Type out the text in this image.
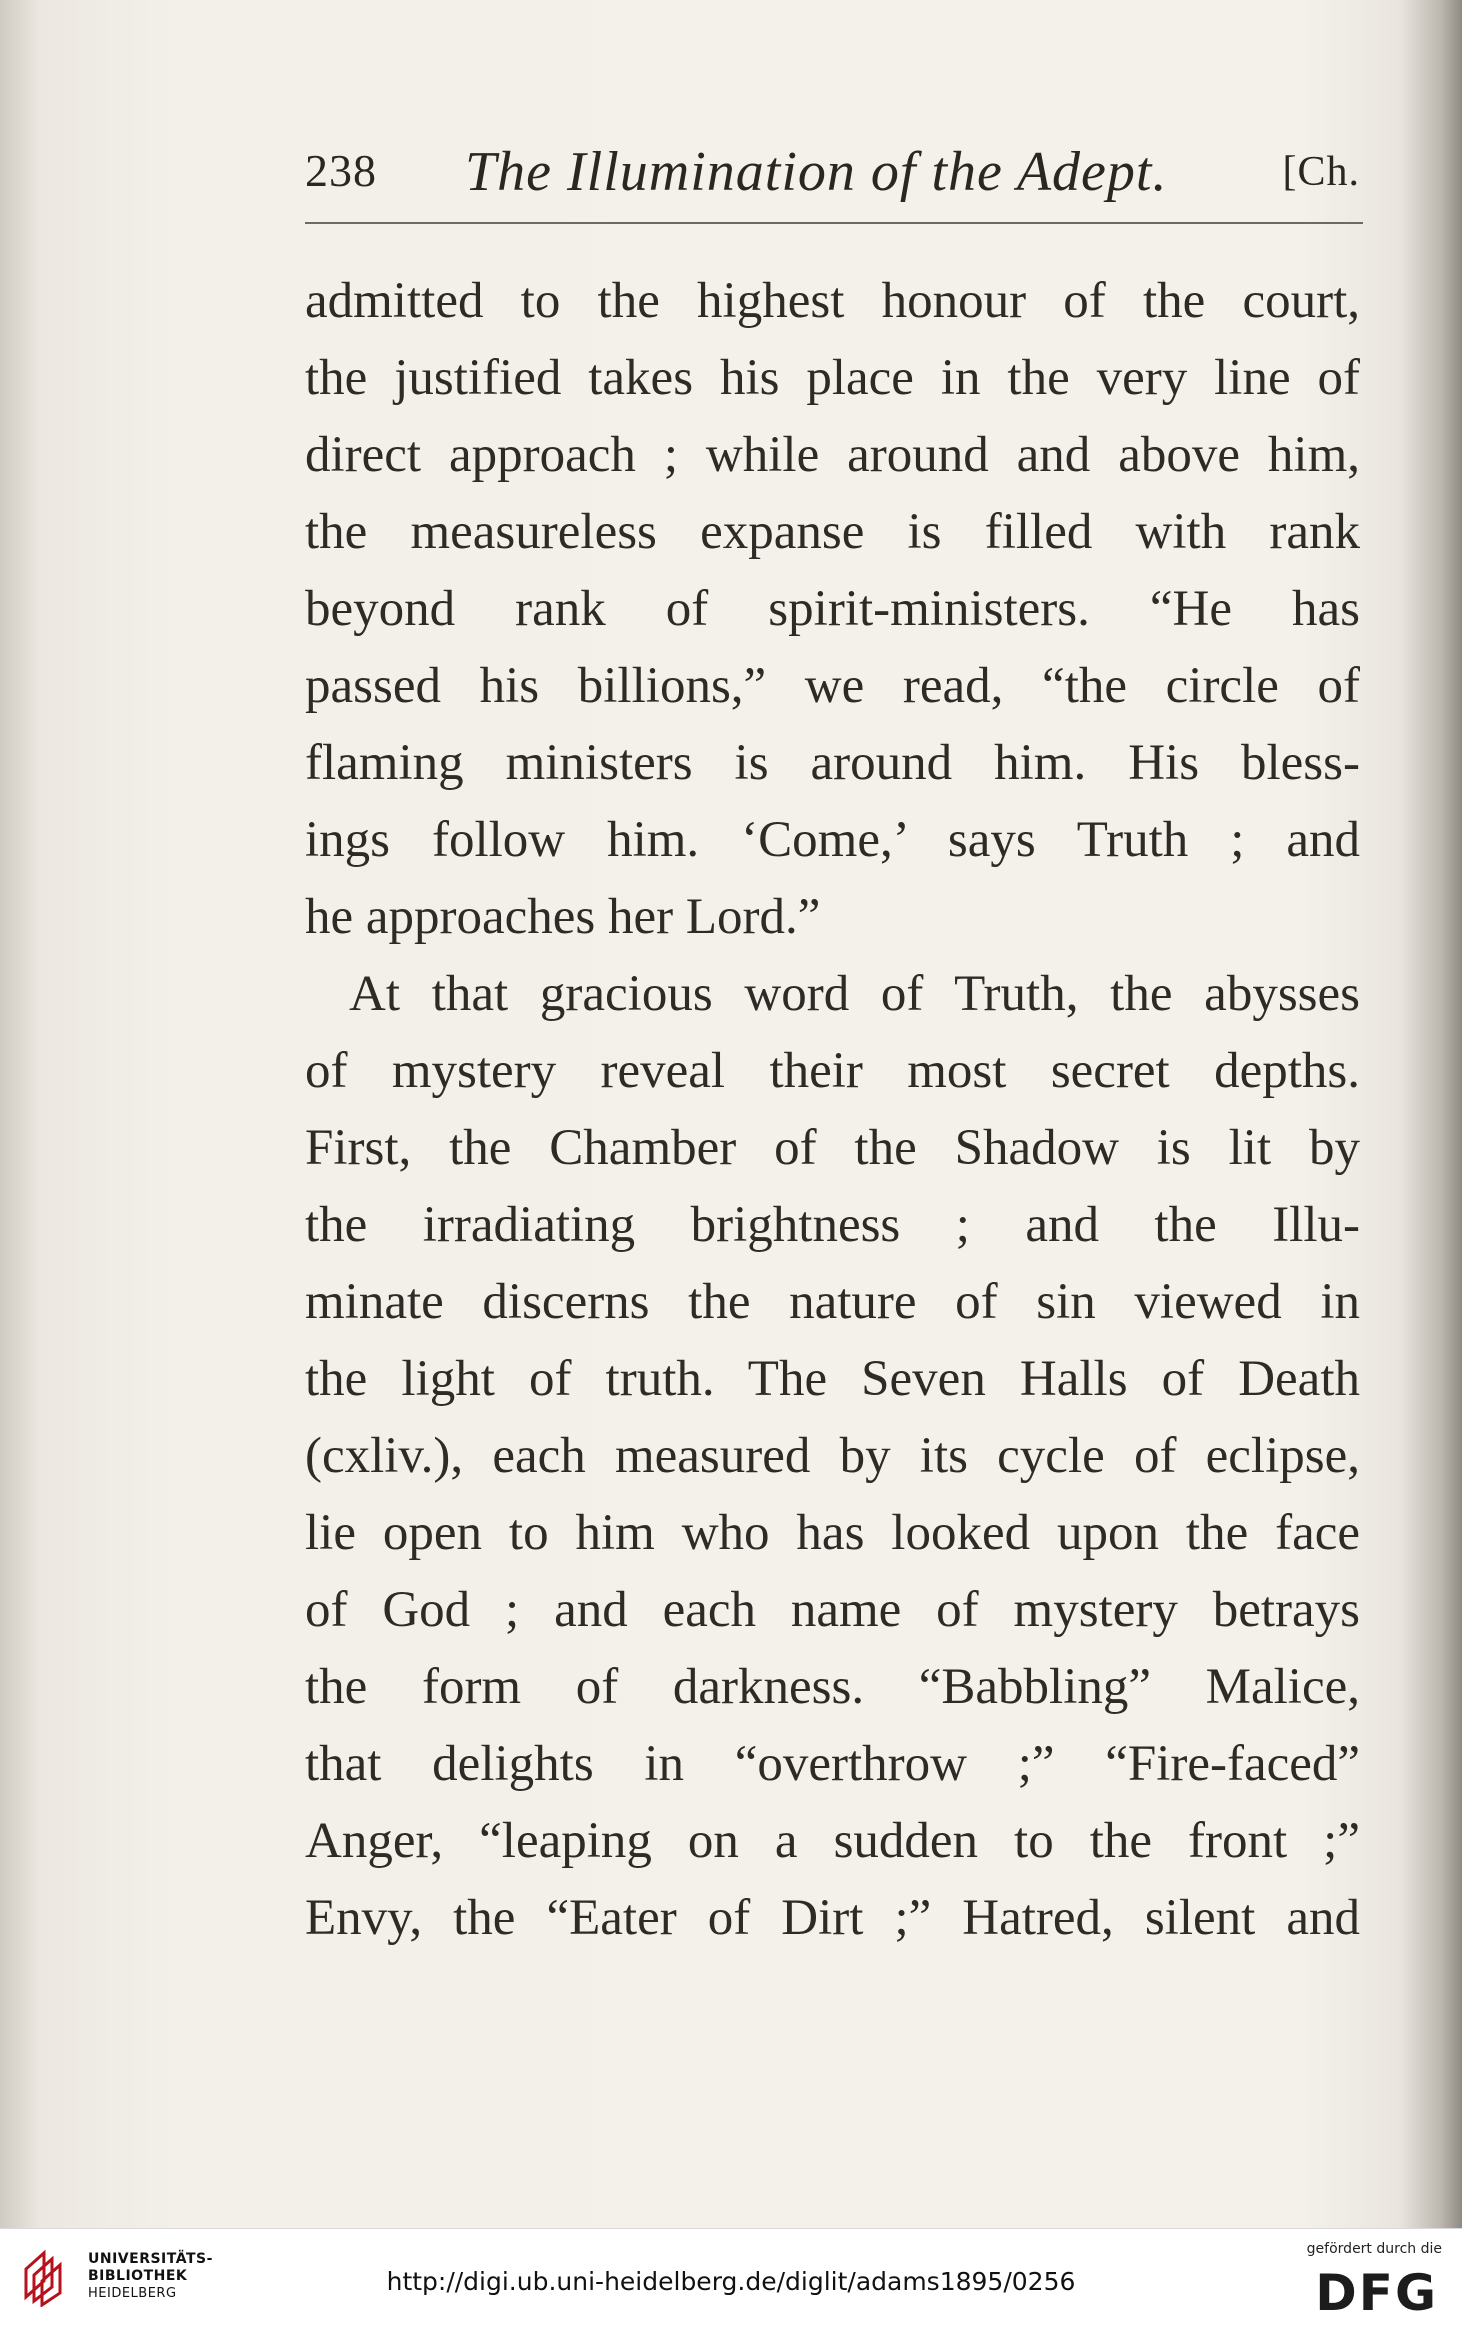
238 The Illumination of the Adept.	[Ch.
admitted to the highest honour of the court,
the justified takes his place in the very line of
direct approach ; while around and above him,
the measureless expanse is filled with rank
beyond rank of spirit-ministers. “He has
passed his billions,” we read, “the circle of
flaming ministers is around him. His bless-
ings follow him. ‘Come,’ says Truth ; and
he approaches her Lord.”
At that gracious word of Truth, the abysses
of mystery reveal their most secret depths.
First, the Chamber of the Shadow is lit by
the irradiating brightness ; and the Illu-
minate discerns the nature of sin viewed in
the light of truth. The Seven Halls of Death
(cxliv.), each measured by its cycle of eclipse,
lie open to him who has looked upon the face
of God ; and each name of mystery betrays
the form of darkness. “Babbling” Malice,
that delights in “overthrow ;” “Fire-faced”
Anger, “leaping on a sudden to the front ;”
Envy, the “Eater of Dirt ;” Hatred, silent and
UNIVERSITÄTS-
BIBLIOTHEK
HEIDELBERG	http://digi.ub.uni-heidelberg.de/diglit/adams1895/0256
gefördert durch die
DFG
